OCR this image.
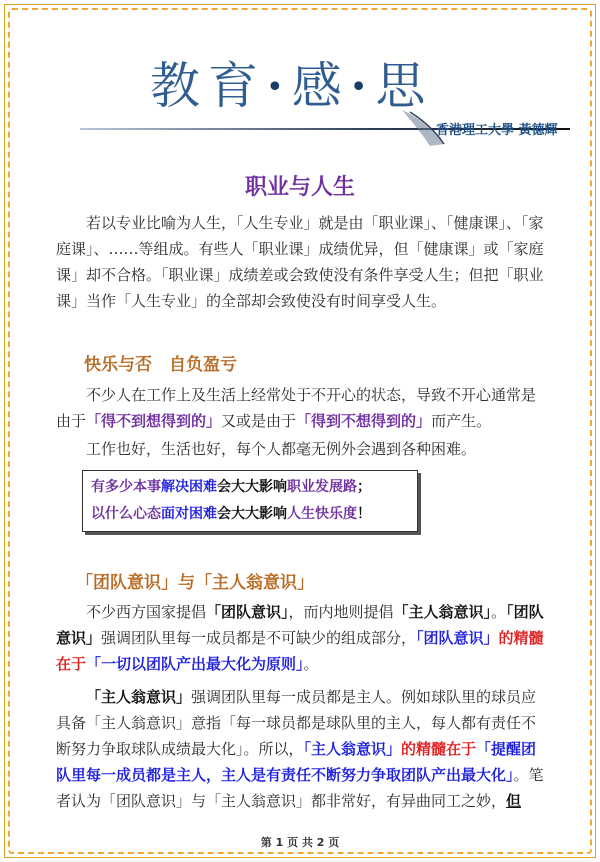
教育•感•思
香港理工大學 黃德輝
职业与人生
若以专业比喻为人生，「人生专业」就是由「职业课」、「健康课」、「家庭课」、……等组成。有些人「职业课」成绩优异，但「健康课」或「家庭课」却不合格。「职业课」成绩差或会致使没有条件享受人生；但把「职业课」当作「人生专业」的全部却会致使没有时间享受人生。
快乐与否　自负盈亏
不少人在工作上及生活上经常处于不开心的状态，导致不开心通常是由于「得不到想得到的」又或是由于「得到不想得到的」而产生。
工作也好，生活也好，每个人都毫无例外会遇到各种困难。
有多少本事解决困难会大大影响职业发展路；
以什么心态面对困难会大大影响人生快乐度！
「团队意识」与「主人翁意识」
不少西方国家提倡「团队意识」，而内地则提倡「主人翁意识」。「团队意识」强调团队里每一成员都是不可缺少的组成部分，「团队意识」的精髓在于「一切以团队产出最大化为原则」。
「主人翁意识」强调团队里每一成员都是主人。例如球队里的球员应具备「主人翁意识」意指「每一球员都是球队里的主人，每人都有责任不断努力争取球队成绩最大化」。所以，「主人翁意识」的精髓在于「提醒团队里每一成员都是主人，主人是有责任不断努力争取团队产出最大化」。笔者认为「团队意识」与「主人翁意识」都非常好，有异曲同工之妙，但
第 1 页 共 2 页
